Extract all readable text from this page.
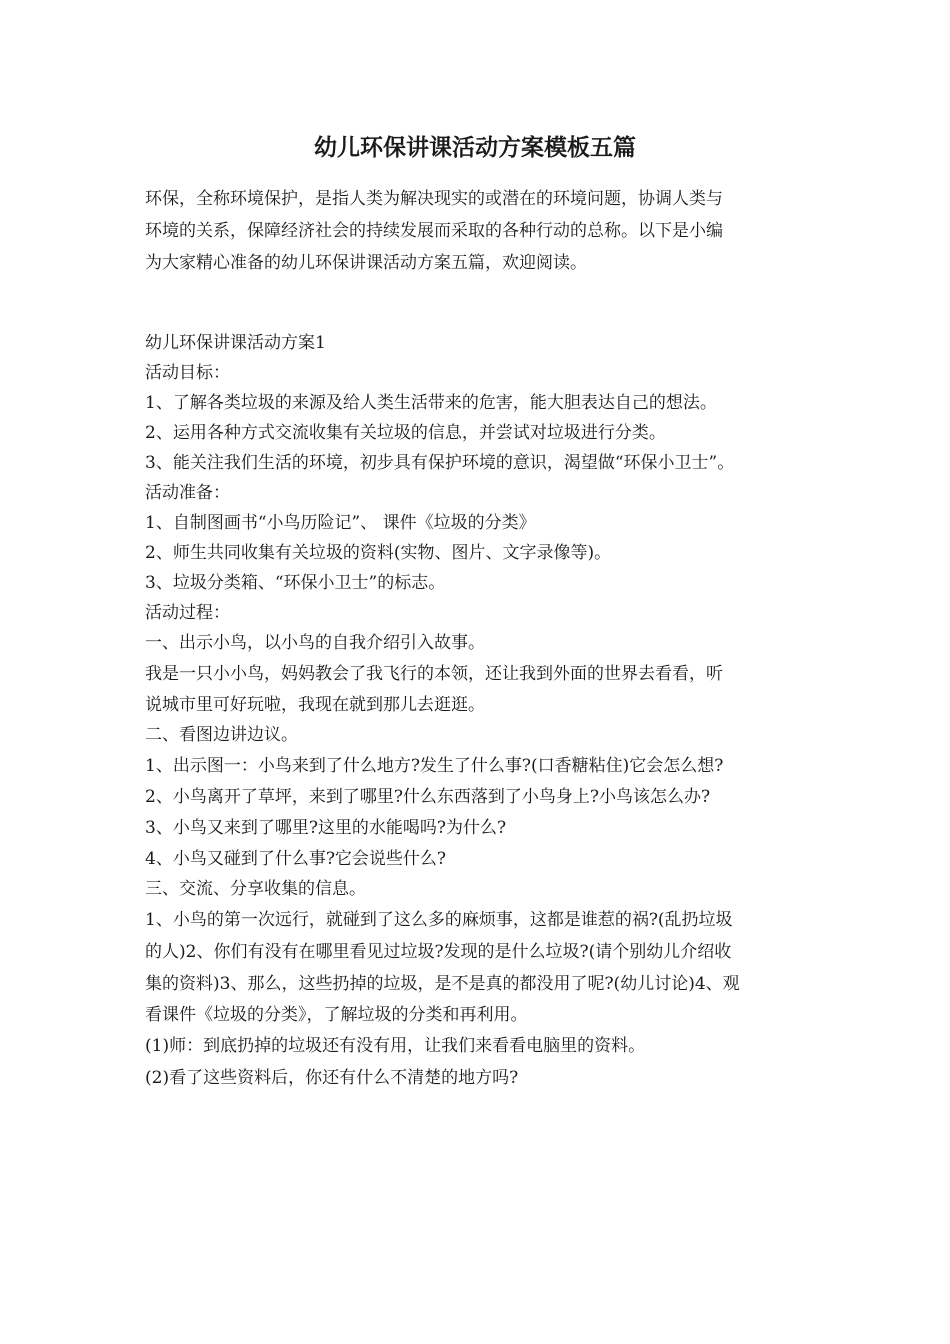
幼儿环保讲课活动方案模板五篇
环保，全称环境保护，是指人类为解决现实的或潜在的环境问题，协调人类与
环境的关系，保障经济社会的持续发展而采取的各种行动的总称。以下是小编
为大家精心准备的幼儿环保讲课活动方案五篇，欢迎阅读。
幼儿环保讲课活动方案1
活动目标：
1、了解各类垃圾的来源及给人类生活带来的危害，能大胆表达自己的想法。
2、运用各种方式交流收集有关垃圾的信息，并尝试对垃圾进行分类。
3、能关注我们生活的环境，初步具有保护环境的意识，渴望做“环保小卫士”。
活动准备：
1、自制图画书“小鸟历险记”、 课件《垃圾的分类》
2、师生共同收集有关垃圾的资料(实物、图片、文字录像等)。
3、垃圾分类箱、“环保小卫士”的标志。
活动过程：
一、出示小鸟，以小鸟的自我介绍引入故事。
我是一只小小鸟，妈妈教会了我飞行的本领，还让我到外面的世界去看看，听
说城市里可好玩啦，我现在就到那儿去逛逛。
二、看图边讲边议。
1、出示图一：小鸟来到了什么地方?发生了什么事?(口香糖粘住)它会怎么想?
2、小鸟离开了草坪，来到了哪里?什么东西落到了小鸟身上?小鸟该怎么办?
3、小鸟又来到了哪里?这里的水能喝吗?为什么?
4、小鸟又碰到了什么事?它会说些什么?
三、交流、分享收集的信息。
1、小鸟的第一次远行，就碰到了这么多的麻烦事，这都是谁惹的祸?(乱扔垃圾
的人)2、你们有没有在哪里看见过垃圾?发现的是什么垃圾?(请个别幼儿介绍收
集的资料)3、那么，这些扔掉的垃圾，是不是真的都没用了呢?(幼儿讨论)4、观
看课件《垃圾的分类》，了解垃圾的分类和再利用。
(1)师：到底扔掉的垃圾还有没有用，让我们来看看电脑里的资料。
(2)看了这些资料后，你还有什么不清楚的地方吗?
